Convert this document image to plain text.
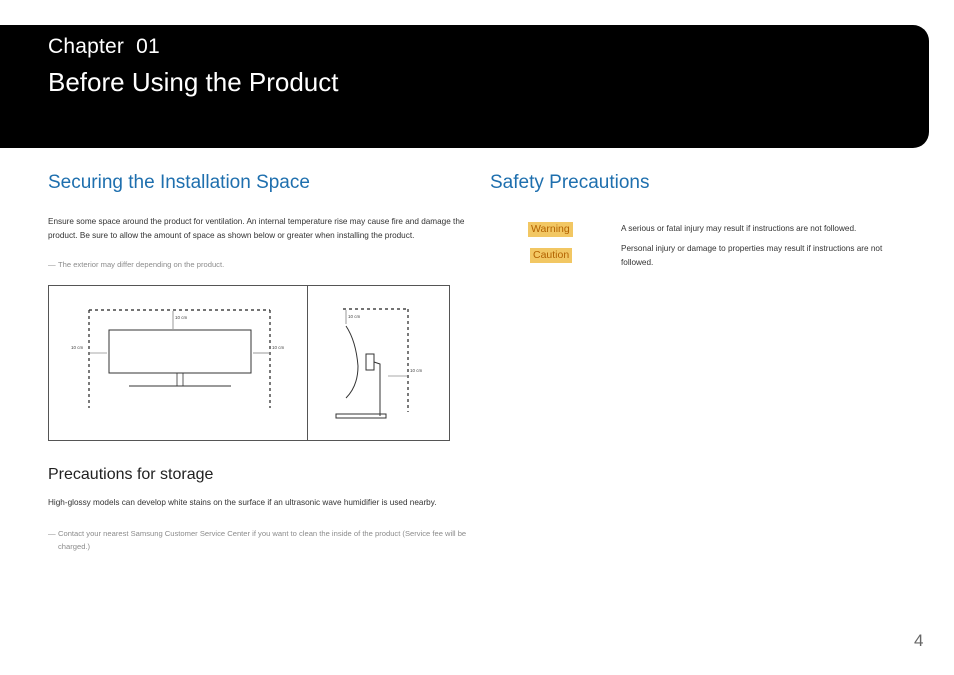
Chapter  01
Before Using the Product
Securing the Installation Space

Ensure some space around the product for ventilation. An internal temperature rise may cause fire and damage the product. Be sure to allow the amount of space as shown below or greater when installing the product.

― The exterior may differ depending on the product.
10 cm
10 cm	10 cm
10 cm
10 cm
Precautions for storage

High-glossy models can develop white stains on the surface if an ultrasonic wave humidifier is used nearby.

― Contact your nearest Samsung Customer Service Center if you want to clean the inside of the product (Service fee will be charged.)
Safety Precautions
Warning	A serious or fatal injury may result if instructions are not followed.

Caution

Personal injury or damage to properties may result if instructions are not followed.

4
